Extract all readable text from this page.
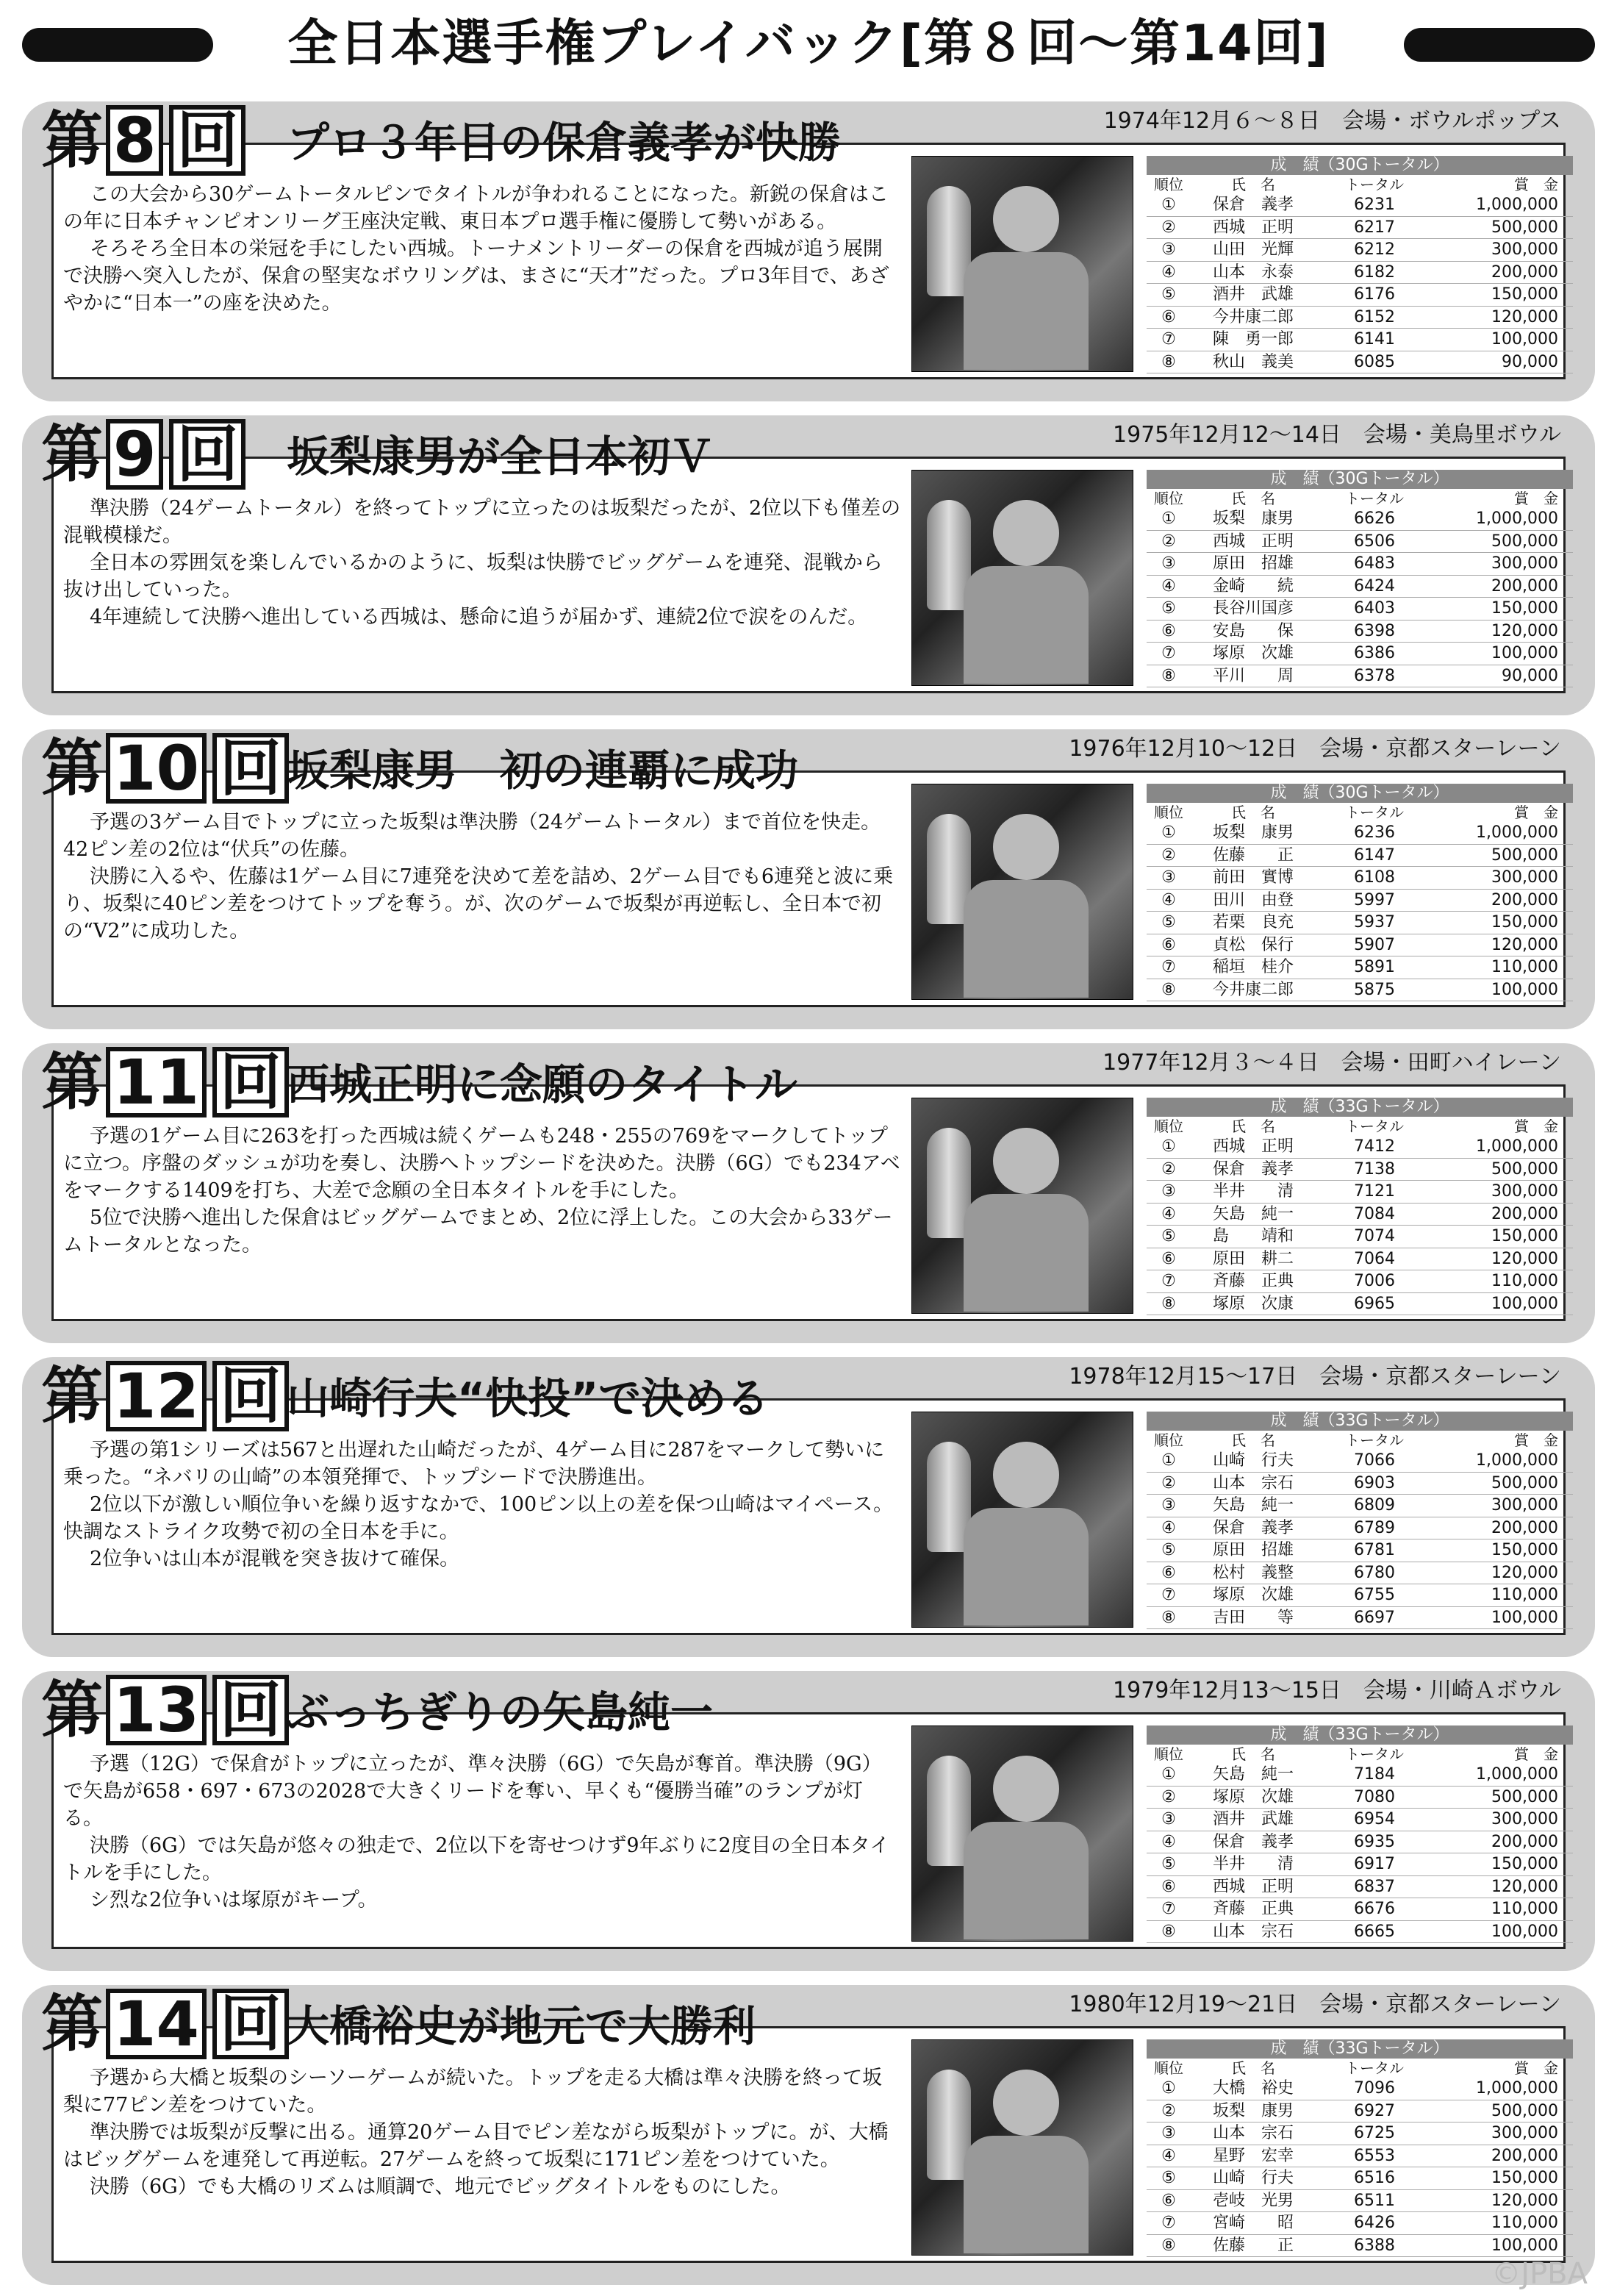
全日本選手権プレイバック[第８回〜第14回]
第 8 回 プロ３年目の保倉義孝が快勝	1974年12月６〜８日　会場・ボウルポップス

この大会から30ゲームトータルピンでタイトルが争われることになった。新鋭の保倉はこの年に日本チャンピオンリーグ王座決定戦、東日本プロ選手権に優勝して勢いがある。

そろそろ全日本の栄冠を手にしたい西城。トーナメントリーダーの保倉を西城が追う展開で決勝へ突入したが、保倉の堅実なボウリングは、まさに“天才”だった。プロ3年目で、あざやかに“日本一”の座を決めた。

成　績（30Gトータル）
順位	氏　名	トータル	賞　金
①	保倉　義孝	6231	1,000,000
②	西城　正明	6217	500,000
③	山田　光輝	6212	300,000
④	山本　永泰	6182	200,000
⑤	酒井　武雄	6176	150,000
⑥	今井康二郎	6152	120,000
⑦	陳　勇一郎	6141	100,000
⑧	秋山　義美	6085	90,000
第 9 回 坂梨康男が全日本初Ｖ	1975年12月12〜14日　会場・美鳥里ボウル

準決勝（24ゲームトータル）を終ってトップに立ったのは坂梨だったが、2位以下も僅差の混戦模様だ。

全日本の雰囲気を楽しんでいるかのように、坂梨は快勝でビッグゲームを連発、混戦から抜け出していった。

4年連続して決勝へ進出している西城は、懸命に追うが届かず、連続2位で涙をのんだ。

成　績（30Gトータル）
順位	氏　名	トータル	賞　金
①	坂梨　康男	6626	1,000,000
②	西城　正明	6506	500,000
③	原田　招雄	6483	300,000
④	金崎　　続	6424	200,000
⑤	長谷川国彦	6403	150,000
⑥	安島　　保	6398	120,000
⑦	塚原　次雄	6386	100,000
⑧	平川　　周	6378	90,000
第 10 回 坂梨康男　初の連覇に成功	1976年12月10〜12日　会場・京都スターレーン

予選の3ゲーム目でトップに立った坂梨は準決勝（24ゲームトータル）まで首位を快走。42ピン差の2位は“伏兵”の佐藤。

決勝に入るや、佐藤は1ゲーム目に7連発を決めて差を詰め、2ゲーム目でも6連発と波に乗り、坂梨に40ピン差をつけてトップを奪う。が、次のゲームで坂梨が再逆転し、全日本で初の“V2”に成功した。

成　績（30Gトータル）
順位	氏　名	トータル	賞　金
①	坂梨　康男	6236	1,000,000
②	佐藤　　正	6147	500,000
③	前田　實博	6108	300,000
④	田川　由登	5997	200,000
⑤	若栗　良充	5937	150,000
⑥	貞松　保行	5907	120,000
⑦	稲垣　桂介	5891	110,000
⑧	今井康二郎	5875	100,000
第 11 回 西城正明に念願のタイトル	1977年12月３〜４日　会場・田町ハイレーン

予選の1ゲーム目に263を打った西城は続くゲームも248・255の769をマークしてトップに立つ。序盤のダッシュが功を奏し、決勝へトップシードを決めた。決勝（6G）でも234アベをマークする1409を打ち、大差で念願の全日本タイトルを手にした。

5位で決勝へ進出した保倉はビッグゲームでまとめ、2位に浮上した。この大会から33ゲームトータルとなった。

成　績（33Gトータル）
順位	氏　名	トータル	賞　金
①	西城　正明	7412	1,000,000
②	保倉　義孝	7138	500,000
③	半井　　清	7121	300,000
④	矢島　純一	7084	200,000
⑤	島　　靖和	7074	150,000
⑥	原田　耕二	7064	120,000
⑦	斉藤　正典	7006	110,000
⑧	塚原　次康	6965	100,000
第 12 回 山崎行夫“快投”で決める	1978年12月15〜17日　会場・京都スターレーン

予選の第1シリーズは567と出遅れた山崎だったが、4ゲーム目に287をマークして勢いに乗った。“ネバリの山崎”の本領発揮で、トップシードで決勝進出。

2位以下が激しい順位争いを繰り返すなかで、100ピン以上の差を保つ山崎はマイペース。快調なストライク攻勢で初の全日本を手に。

2位争いは山本が混戦を突き抜けて確保。

成　績（33Gトータル）
順位	氏　名	トータル	賞　金
①	山崎　行夫	7066	1,000,000
②	山本　宗石	6903	500,000
③	矢島　純一	6809	300,000
④	保倉　義孝	6789	200,000
⑤	原田　招雄	6781	150,000
⑥	松村　義整	6780	120,000
⑦	塚原　次雄	6755	110,000
⑧	吉田　　等	6697	100,000
第 13 回 ぶっちぎりの矢島純一	1979年12月13〜15日　会場・川崎Ａボウル

予選（12G）で保倉がトップに立ったが、準々決勝（6G）で矢島が奪首。準決勝（9G）で矢島が658・697・673の2028で大きくリードを奪い、早くも“優勝当確”のランプが灯る。

決勝（6G）では矢島が悠々の独走で、2位以下を寄せつけず9年ぶりに2度目の全日本タイトルを手にした。

シ烈な2位争いは塚原がキープ。

成　績（33Gトータル）
順位	氏　名	トータル	賞　金
①	矢島　純一	7184	1,000,000
②	塚原　次雄	7080	500,000
③	酒井　武雄	6954	300,000
④	保倉　義孝	6935	200,000
⑤	半井　　清	6917	150,000
⑥	西城　正明	6837	120,000
⑦	斉藤　正典	6676	110,000
⑧	山本　宗石	6665	100,000
第 14 回 大橋裕史が地元で大勝利	1980年12月19〜21日　会場・京都スターレーン

予選から大橋と坂梨のシーソーゲームが続いた。トップを走る大橋は準々決勝を終って坂梨に77ピン差をつけていた。

準決勝では坂梨が反撃に出る。通算20ゲーム目でピン差ながら坂梨がトップに。が、大橋はビッグゲームを連発して再逆転。27ゲームを終って坂梨に171ピン差をつけていた。

決勝（6G）でも大橋のリズムは順調で、地元でビッグタイトルをものにした。

成　績（33Gトータル）
順位	氏　名	トータル	賞　金
①	大橋　裕史	7096	1,000,000
②	坂梨　康男	6927	500,000
③	山本　宗石	6725	300,000
④	星野　宏幸	6553	200,000
⑤	山崎　行夫	6516	150,000
⑥	壱岐　光男	6511	120,000
⑦	宮崎　　昭	6426	110,000
⑧	佐藤　　正	6388	100,000
©JPBA
